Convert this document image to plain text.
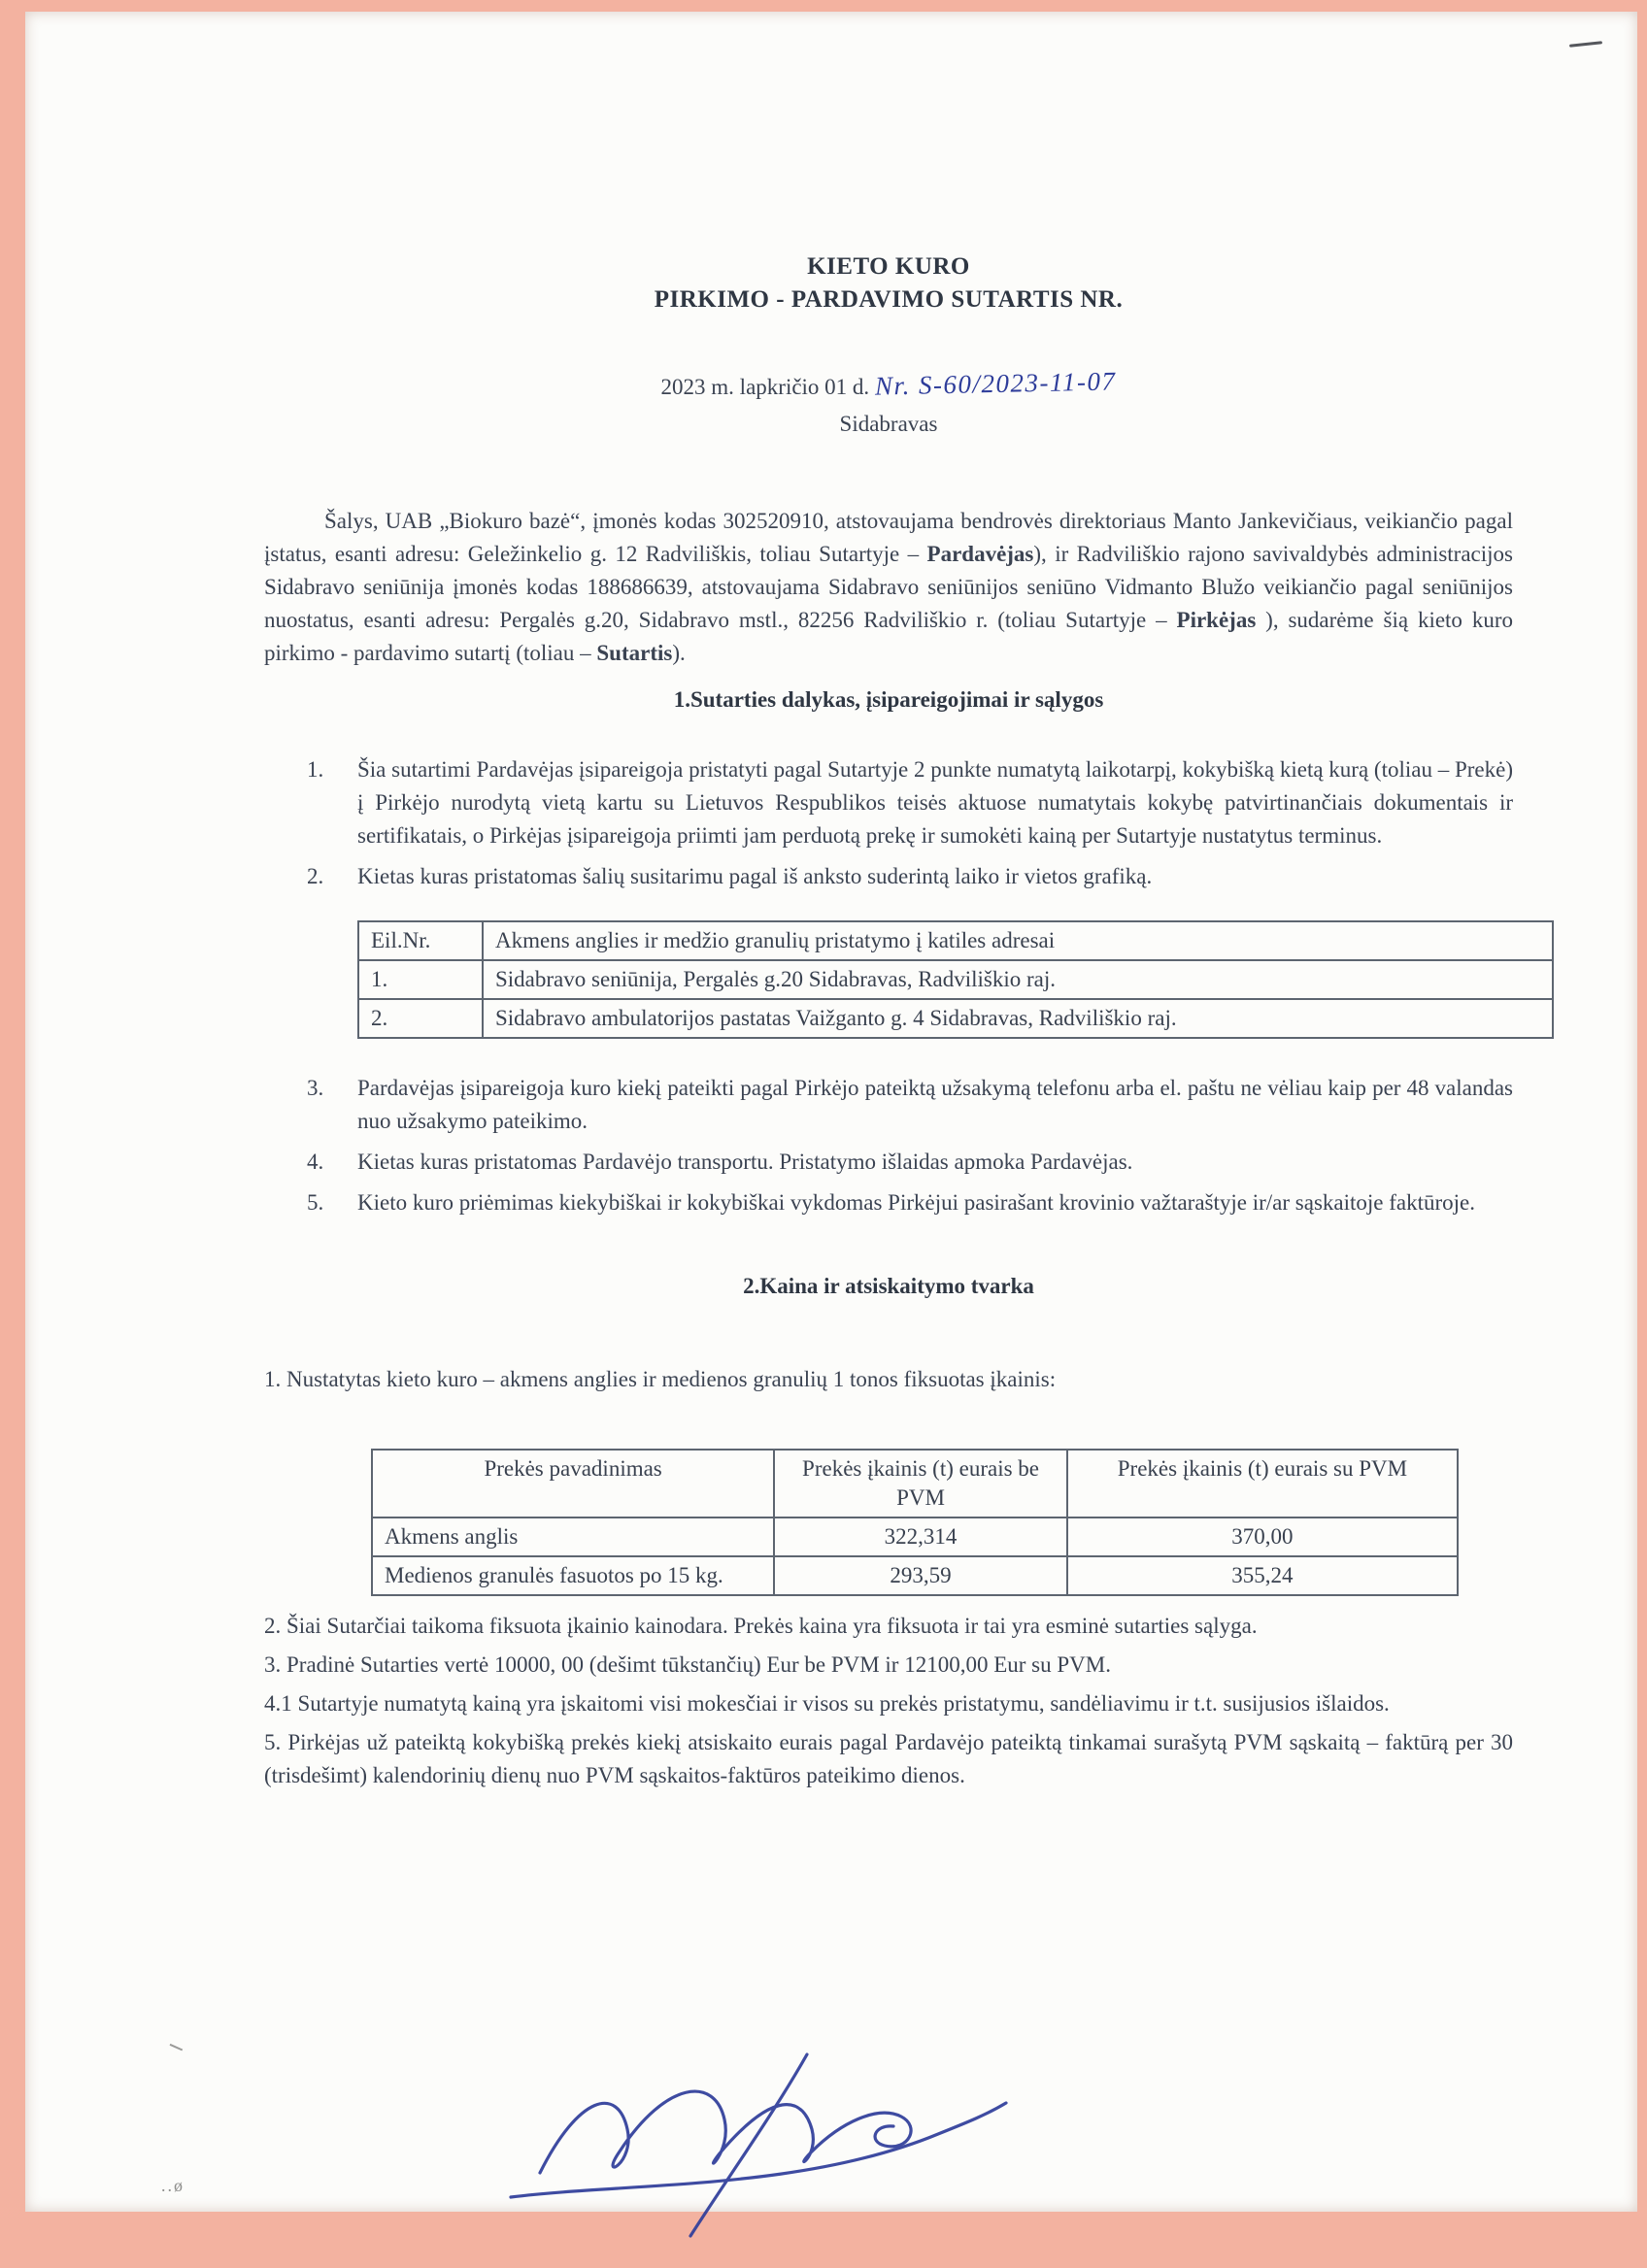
KIETO KURO
PIRKIMO - PARDAVIMO SUTARTIS NR.
2023 m. lapkričio 01 d. Nr. S-60/2023-11-07
Sidabravas

Šalys, UAB „Biokuro bazė“, įmonės kodas 302520910, atstovaujama bendrovės direktoriaus Manto Jankevičiaus, veikiančio pagal įstatus, esanti adresu: Geležinkelio g. 12 Radviliškis, toliau Sutartyje – Pardavėjas), ir Radviliškio rajono savivaldybės administracijos Sidabravo seniūnija įmonės kodas 188686639, atstovaujama Sidabravo seniūnijos seniūno Vidmanto Blužo veikiančio pagal seniūnijos nuostatus, esanti adresu: Pergalės g.20, Sidabravo mstl., 82256 Radviliškio r. (toliau Sutartyje – Pirkėjas ), sudarėme šią kieto kuro pirkimo - pardavimo sutartį (toliau – Sutartis).

1.Sutarties dalykas, įsipareigojimai ir sąlygos
1.	Šia sutartimi Pardavėjas įsipareigoja pristatyti pagal Sutartyje 2 punkte numatytą laikotarpį, kokybišką kietą kurą (toliau – Prekė) į Pirkėjo nurodytą vietą kartu su Lietuvos Respublikos teisės aktuose numatytais kokybę patvirtinančiais dokumentais ir sertifikatais, o Pirkėjas įsipareigoja priimti jam perduotą prekę ir sumokėti kainą per Sutartyje nustatytus terminus.
2.	Kietas kuras pristatomas šalių susitarimu pagal iš anksto suderintą laiko ir vietos grafiką.
Eil.Nr.	Akmens anglies ir medžio granulių pristatymo į katiles adresai
1.	Sidabravo seniūnija, Pergalės g.20 Sidabravas, Radviliškio raj.
2.	Sidabravo ambulatorijos pastatas Vaižganto g. 4 Sidabravas, Radviliškio raj.
3.	Pardavėjas įsipareigoja kuro kiekį pateikti pagal Pirkėjo pateiktą užsakymą telefonu arba el. paštu ne vėliau kaip per 48 valandas nuo užsakymo pateikimo.
4.	Kietas kuras pristatomas Pardavėjo transportu. Pristatymo išlaidas apmoka Pardavėjas.
5.	Kieto kuro priėmimas kiekybiškai ir kokybiškai vykdomas Pirkėjui pasirašant krovinio važtaraštyje ir/ar sąskaitoje faktūroje.
2.Kaina ir atsiskaitymo tvarka

1. Nustatytas kieto kuro – akmens anglies ir medienos granulių 1 tonos fiksuotas įkainis:

Prekės pavadinimas	Prekės įkainis (t) eurais be PVM	Prekės įkainis (t) eurais su PVM
Akmens anglis	322,314	370,00
Medienos granulės fasuotos po 15 kg.	293,59	355,24

2. Šiai Sutarčiai taikoma fiksuota įkainio kainodara. Prekės kaina yra fiksuota ir tai yra esminė sutarties sąlyga.

3. Pradinė Sutarties vertė 10000, 00 (dešimt tūkstančių) Eur be PVM ir 12100,00 Eur su PVM.

4.1 Sutartyje numatytą kainą yra įskaitomi visi mokesčiai ir visos su prekės pristatymu, sandėliavimu ir t.t. susijusios išlaidos.

5. Pirkėjas už pateiktą kokybišką prekės kiekį atsiskaito eurais pagal Pardavėjo pateiktą tinkamai surašytą PVM sąskaitą – faktūrą per 30 (trisdešimt) kalendorinių dienų nuo PVM sąskaitos-faktūros pateikimo dienos.

..ø
